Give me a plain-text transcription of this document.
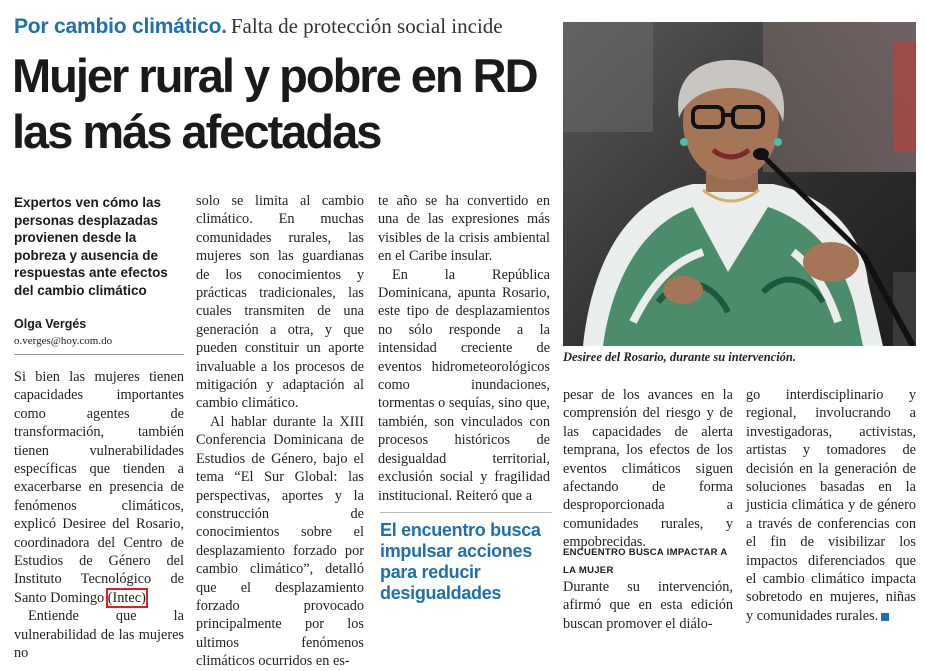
Por cambio climático. Falta de protección social incide
Mujer rural y pobre en RD las más afectadas
Expertos ven cómo las personas desplazadas provienen desde la pobreza y ausencia de respuestas ante efectos del cambio climático
Olga Vergés
o.verges@hoy.com.do

Si bien las mujeres tienen capacidades importantes como agentes de transformación, también tienen vulnerabilidades específicas que tienden a exacerbarse en presencia de fenómenos climáticos, explicó Desiree del Rosario, coordinadora del Centro de Estudios de Género del Instituto Tecnológico de Santo Domingo (Intec)

Entiende que la vulnerabilidad de las mujeres no

solo se limita al cambio climático. En muchas comunidades rurales, las mujeres son las guardianas de los conocimientos y prácticas tradicionales, las cuales transmiten de una generación a otra, y que pueden constituir un aporte invaluable a los procesos de mitigación y adaptación al cambio climático.

Al hablar durante la XIII Conferencia Dominicana de Estudios de Género, bajo el tema “El Sur Global: las perspectivas, aportes y la construcción de conocimientos sobre el desplazamiento forzado por cambio climático”, detalló que el desplazamiento forzado provocado principalmente por los ultimos fenómenos climáticos ocurridos en es-

te año se ha convertido en una de las expresiones más visibles de la crisis ambiental en el Caribe insular.

En la República Dominicana, apunta Rosario, este tipo de desplazamientos no sólo responde a la intensidad creciente de eventos hidrometeorológicos como inundaciones, tormentas o sequías, sino que, también, son vinculados con procesos históricos de desigualdad territorial, exclusión social y fragilidad institucional. Reiteró que a

El encuentro busca impulsar acciones para reducir desigualdades
Desiree del Rosario, durante su intervención.

pesar de los avances en la comprensión del riesgo y de las capacidades de alerta temprana, los efectos de los eventos climáticos siguen afectando de forma desproporcionada a comunidades rurales, y empobrecidas.

ENCUENTRO BUSCA IMPACTAR A LA MUJER

Durante su intervención, afirmó que en esta edición buscan promover el diálo-

go interdisciplinario y regional, involucrando a investigadoras, activistas, artistas y tomadores de decisión en la generación de soluciones basadas en la justicia climática y de género a través de conferencias con el fin de visibilizar los impactos diferenciados que el cambio climático impacta sobretodo en mujeres, niñas y comunidades rurales.
